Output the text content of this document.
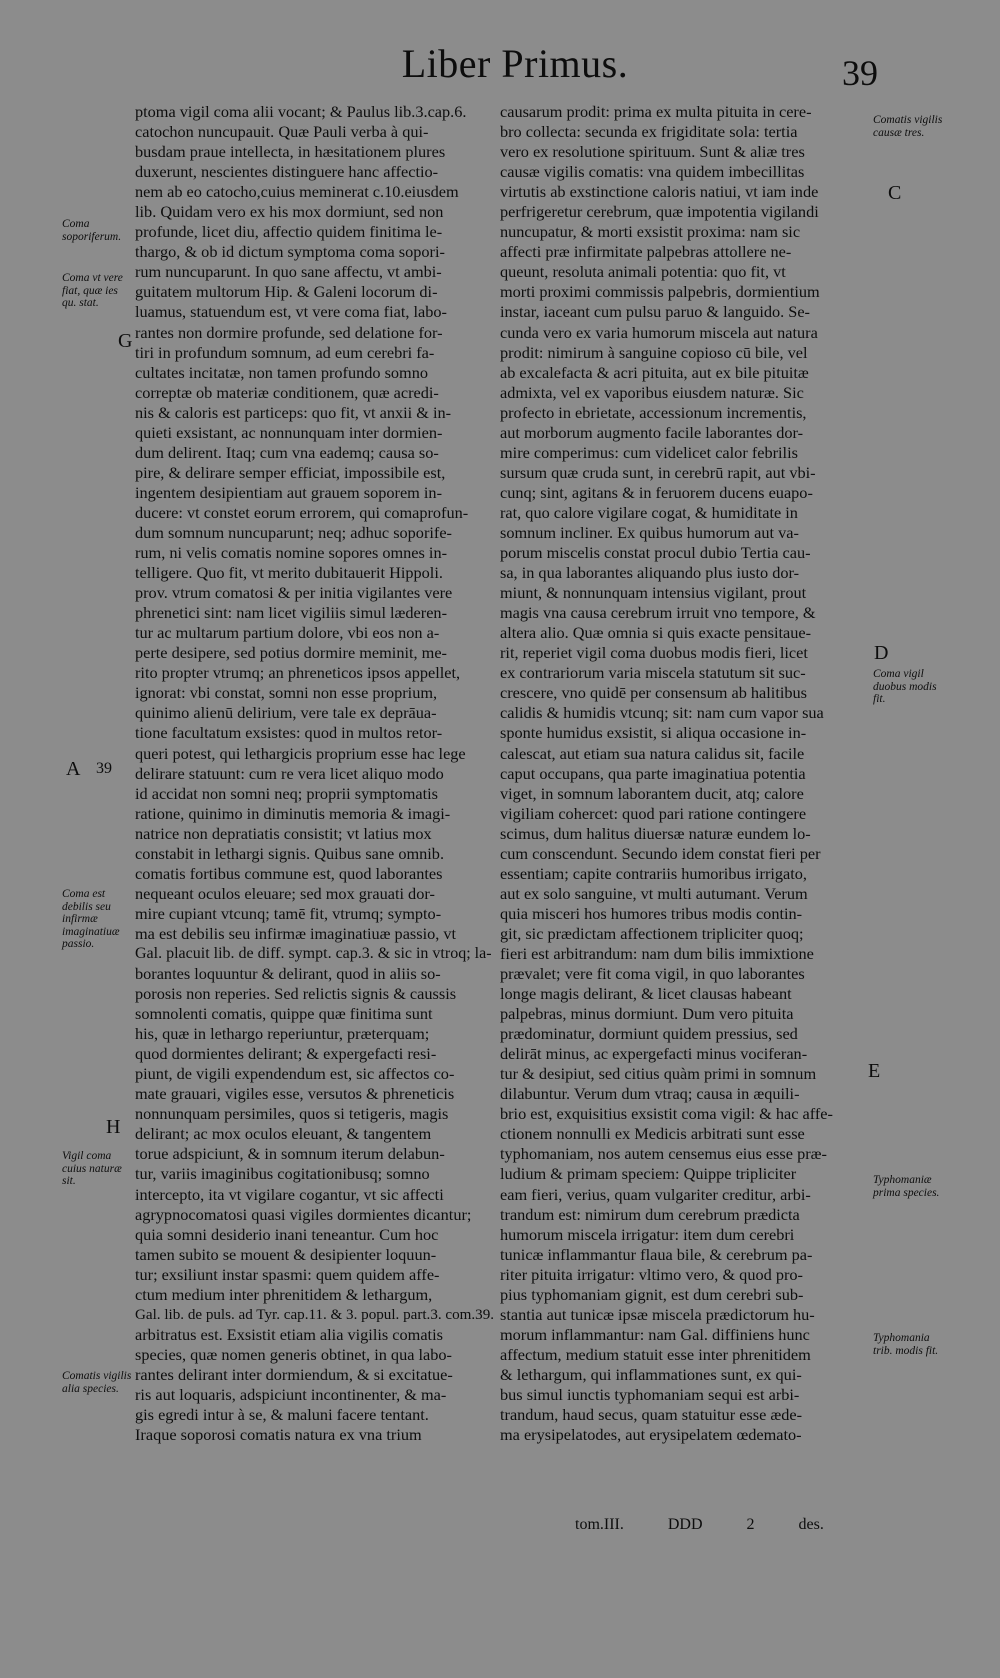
Liber Primus.	39

ptoma vigil coma alii vocant; & Paulus lib.3.cap.6.

catochon nuncupauit. Quæ Pauli verba à qui-

busdam praue intellecta, in hæsitationem plures

duxerunt, nescientes distinguere hanc affectio-

nem ab eo catocho,cuius meminerat c.10.eiusdem

lib. Quidam vero ex his mox dormiunt, sed non

profunde, licet diu, affectio quidem finitima le-

thargo, & ob id dictum symptoma coma sopori-

rum nuncuparunt. In quo sane affectu, vt ambi-

guitatem multorum Hip. & Galeni locorum di-

luamus, statuendum est, vt vere coma fiat, labo-

rantes non dormire profunde, sed delatione for-

tiri in profundum somnum, ad eum cerebri fa-

cultates incitatæ, non tamen profundo somno

correptæ ob materiæ conditionem, quæ acredi-

nis & caloris est particeps: quo fit, vt anxii & in-

quieti exsistant, ac nonnunquam inter dormien-

dum delirent. Itaq; cum vna eademq; causa so-

pire, & delirare semper efficiat, impossibile est,

ingentem desipientiam aut grauem soporem in-

ducere: vt constet eorum errorem, qui comaprofun-

dum somnum nuncuparunt; neq; adhuc soporife-

rum, ni velis comatis nomine sopores omnes in-

telligere. Quo fit, vt merito dubitauerit Hippoli.

prov. vtrum comatosi & per initia vigilantes vere

phrenetici sint: nam licet vigiliis simul læderen-

tur ac multarum partium dolore, vbi eos non a-

perte desipere, sed potius dormire meminit, me-

rito propter vtrumq; an phreneticos ipsos appellet,

ignorat: vbi constat, somni non esse proprium,

quinimo alienū delirium, vere tale ex deprāua-

tione facultatum exsistes: quod in multos retor-

queri potest, qui lethargicis proprium esse hac lege

delirare statuunt: cum re vera licet aliquo modo

id accidat non somni neq; proprii symptomatis

ratione, quinimo in diminutis memoria & imagi-

natrice non depratiatis consistit; vt latius mox

constabit in lethargi signis. Quibus sane omnib.

comatis fortibus commune est, quod laborantes

nequeant oculos eleuare; sed mox grauati dor-

mire cupiant vtcunq; tamē fit, vtrumq; sympto-

ma est debilis seu infirmæ imaginatiuæ passio, vt

Gal. placuit lib. de diff. sympt. cap.3. & sic in vtroq; la-

borantes loquuntur & delirant, quod in aliis so-

porosis non reperies. Sed relictis signis & caussis

somnolenti comatis, quippe quæ finitima sunt

his, quæ in lethargo reperiuntur, præterquam;

quod dormientes delirant; & expergefacti resi-

piunt, de vigili expendendum est, sic affectos co-

mate grauari, vigiles esse, versutos & phreneticis

nonnunquam persimiles, quos si tetigeris, magis

delirant; ac mox oculos eleuant, & tangentem

torue adspiciunt, & in somnum iterum delabun-

tur, variis imaginibus cogitationibusq; somno

intercepto, ita vt vigilare cogantur, vt sic affecti

agrypnocomatosi quasi vigiles dormientes dicantur;

quia somni desiderio inani teneantur. Cum hoc

tamen subito se mouent & desipienter loquun-

tur; exsiliunt instar spasmi: quem quidem affe-

ctum medium inter phrenitidem & lethargum,

Gal. lib. de puls. ad Tyr. cap.11. & 3. popul. part.3. com.39.

arbitratus est. Exsistit etiam alia vigilis comatis

species, quæ nomen generis obtinet, in qua labo-

rantes delirant inter dormiendum, & si excitatue-

ris aut loquaris, adspiciunt incontinenter, & ma-

gis egredi intur à se, & maluni facere tentant.

Iraque soporosi comatis natura ex vna trium

causarum prodit: prima ex multa pituita in cere-

bro collecta: secunda ex frigiditate sola: tertia

vero ex resolutione spirituum. Sunt & aliæ tres

causæ vigilis comatis: vna quidem imbecillitas

virtutis ab exstinctione caloris natiui, vt iam inde

perfrigeretur cerebrum, quæ impotentia vigilandi

nuncupatur, & morti exsistit proxima: nam sic

affecti præ infirmitate palpebras attollere ne-

queunt, resoluta animali potentia: quo fit, vt

morti proximi commissis palpebris, dormientium

instar, iaceant cum pulsu paruo & languido. Se-

cunda vero ex varia humorum miscela aut natura

prodit: nimirum à sanguine copioso cū bile, vel

ab excalefacta & acri pituita, aut ex bile pituitæ

admixta, vel ex vaporibus eiusdem naturæ. Sic

profecto in ebrietate, accessionum incrementis,

aut morborum augmento facile laborantes dor-

mire comperimus: cum videlicet calor febrilis

sursum quæ cruda sunt, in cerebrū rapit, aut vbi-

cunq; sint, agitans & in feruorem ducens euapo-

rat, quo calore vigilare cogat, & humiditate in

somnum incliner. Ex quibus humorum aut va-

porum miscelis constat procul dubio Tertia cau-

sa, in qua laborantes aliquando plus iusto dor-

miunt, & nonnunquam intensius vigilant, prout

magis vna causa cerebrum irruit vno tempore, &

altera alio. Quæ omnia si quis exacte pensitaue-

rit, reperiet vigil coma duobus modis fieri, licet

ex contrariorum varia miscela statutum sit suc-

crescere, vno quidē per consensum ab halitibus

calidis & humidis vtcunq; sit: nam cum vapor sua

sponte humidus exsistit, si aliqua occasione in-

calescat, aut etiam sua natura calidus sit, facile

caput occupans, qua parte imaginatiua potentia

viget, in somnum laborantem ducit, atq; calore

vigiliam cohercet: quod pari ratione contingere

scimus, dum halitus diuersæ naturæ eundem lo-

cum conscendunt. Secundo idem constat fieri per

essentiam; capite contrariis humoribus irrigato,

aut ex solo sanguine, vt multi autumant. Verum

quia misceri hos humores tribus modis contin-

git, sic prædictam affectionem tripliciter quoq;

fieri est arbitrandum: nam dum bilis immixtione

prævalet; vere fit coma vigil, in quo laborantes

longe magis delirant, & licet clausas habeant

palpebras, minus dormiunt. Dum vero pituita

prædominatur, dormiunt quidem pressius, sed

delirāt minus, ac expergefacti minus vociferan-

tur & desipiut, sed citius quàm primi in somnum

dilabuntur. Verum dum vtraq; causa in æquili-

brio est, exquisitius exsistit coma vigil: & hac affe-

ctionem nonnulli ex Medicis arbitrati sunt esse

typhomaniam, nos autem censemus eius esse præ-

ludium & primam speciem: Quippe tripliciter

eam fieri, verius, quam vulgariter creditur, arbi-

trandum est: nimirum dum cerebrum prædicta

humorum miscela irrigatur: item dum cerebri

tunicæ inflammantur flaua bile, & cerebrum pa-

riter pituita irrigatur: vltimo vero, & quod pro-

pius typhomaniam gignit, est dum cerebri sub-

stantia aut tunicæ ipsæ miscela prædictorum hu-

morum inflammantur: nam Gal. diffiniens hunc

affectum, medium statuit esse inter phrenitidem

& lethargum, qui inflammationes sunt, ex qui-

bus simul iunctis typhomaniam sequi est arbi-

trandum, haud secus, quam statuitur esse æde-

ma erysipelatodes, aut erysipelatem œdemato-

Coma soporiferum.
Coma vt vere fiat, quæ ies qu. stat.
Coma est debilis seu infirmæ imaginatiuæ passio.
Vigil coma cuius naturæ sit.
Comatis vigilis alia species.
Comatis vigilis causæ tres.
Coma vigil duobus modis fit.
Typhomaniæ prima species.
Typhomania trib. modis fit.
G
A 39
H
C
D
E
tom.III.	DDD	2	des.
